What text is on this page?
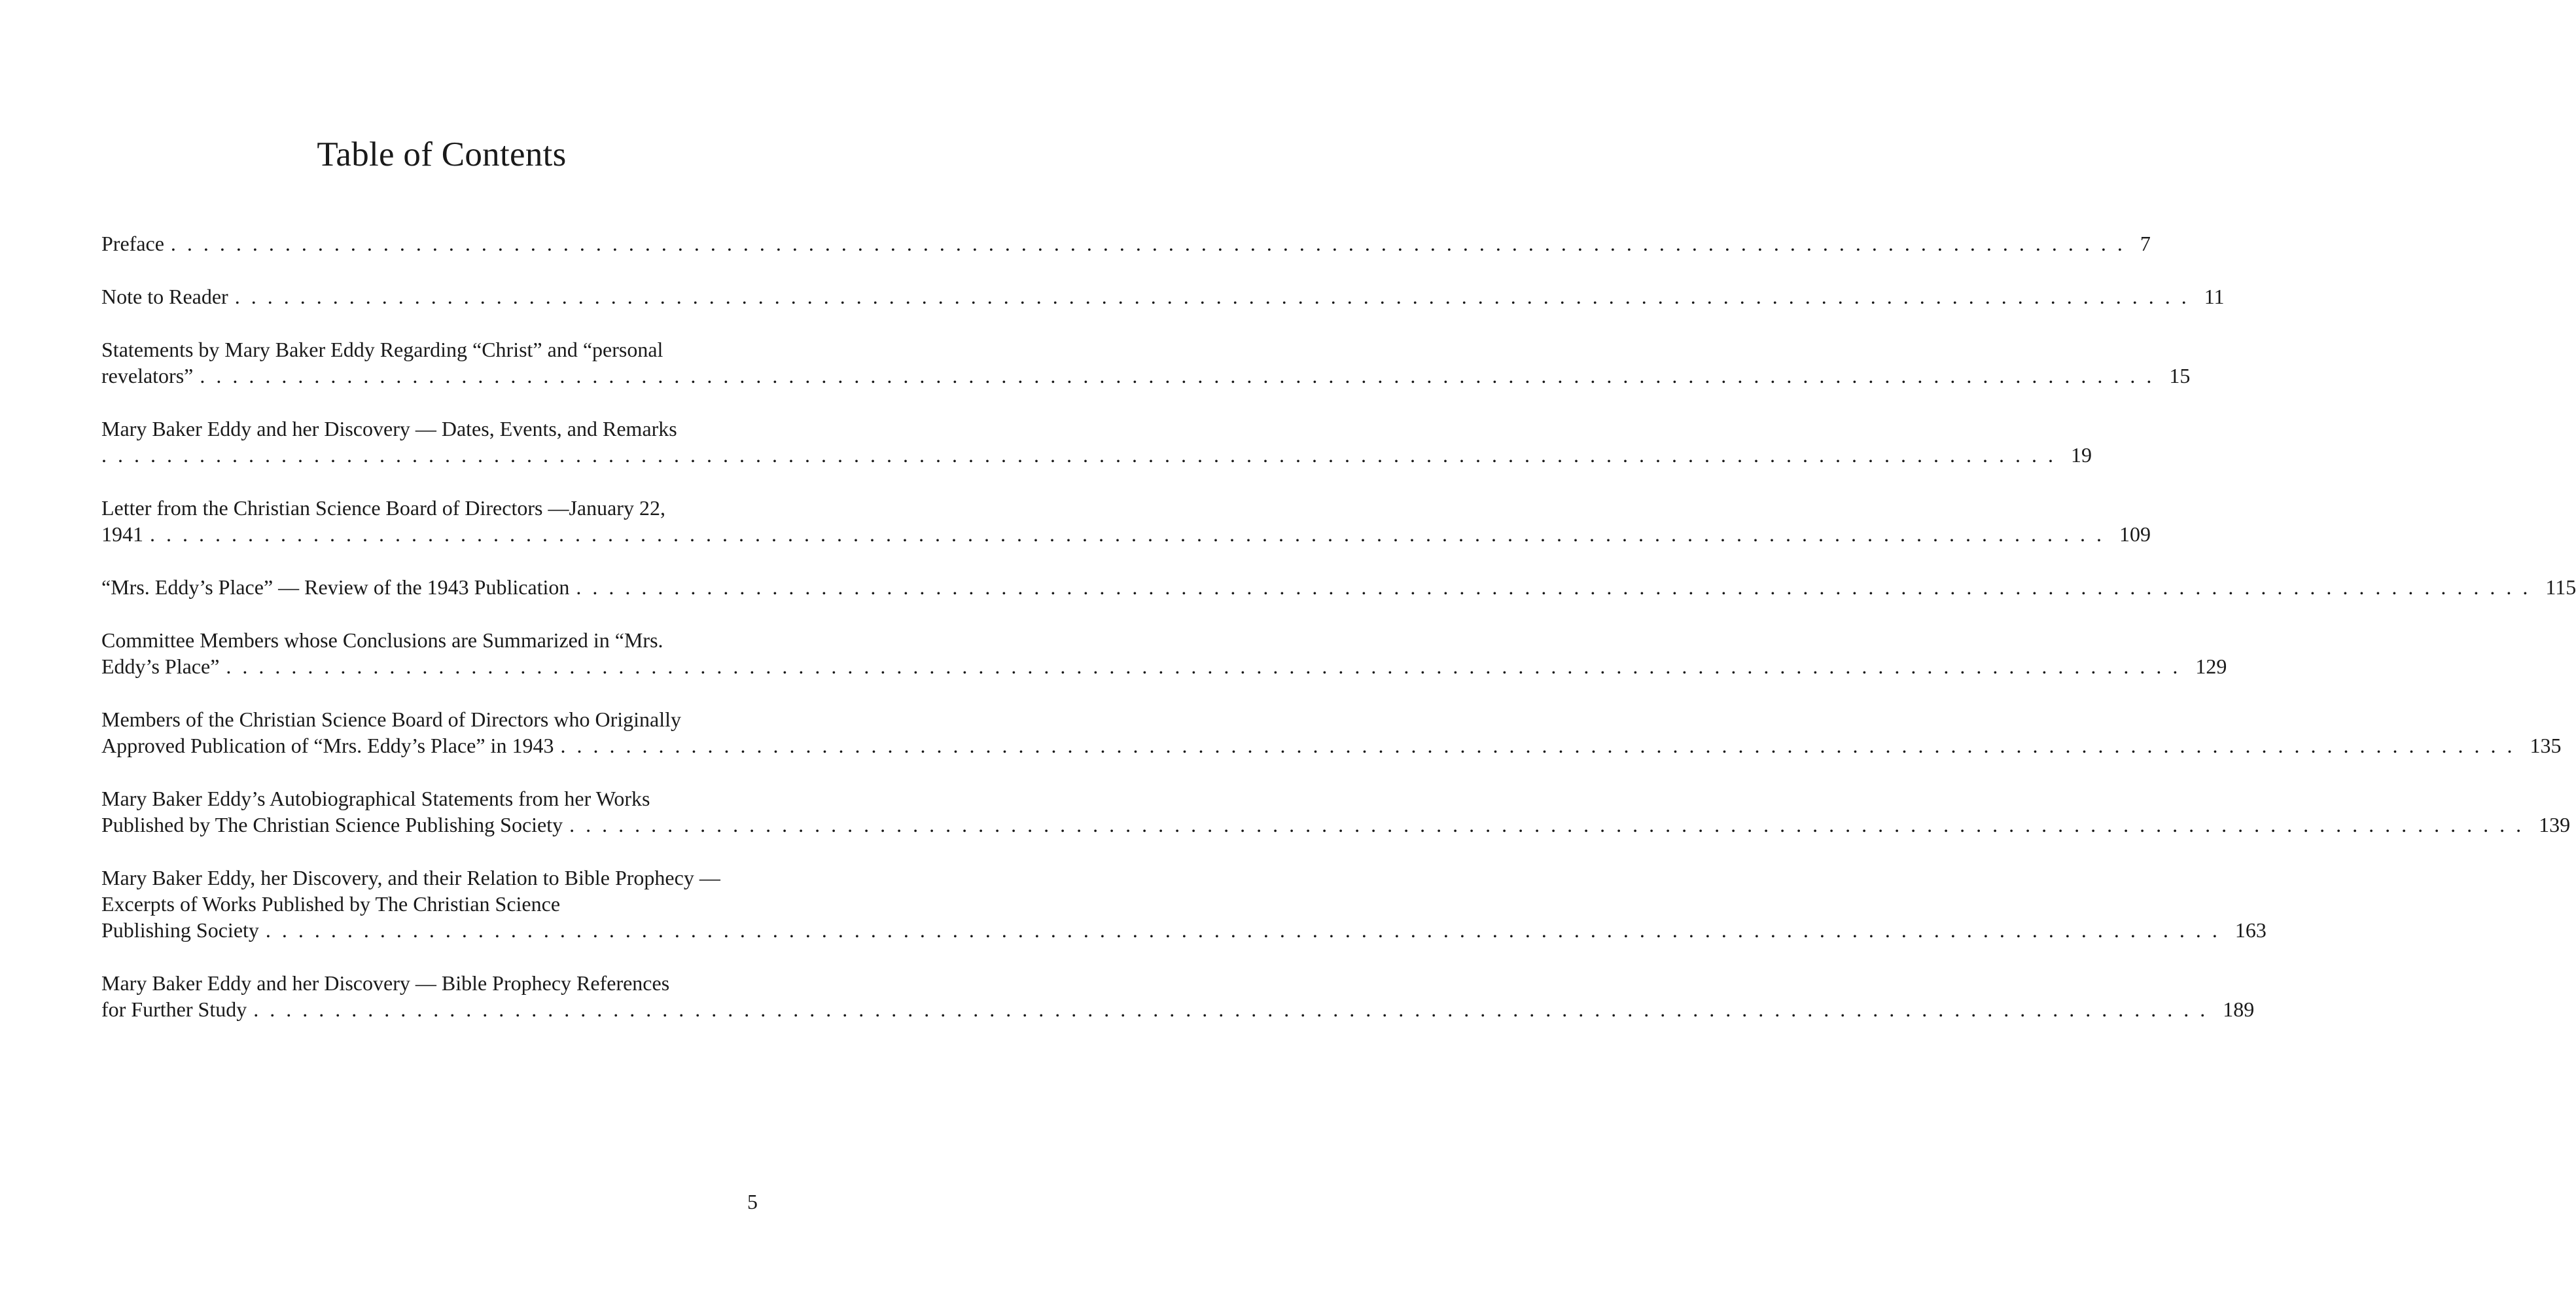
Table of Contents
Preface ........................................................................................................................ 7
Note to Reader ........................................................................................................................ 11
Statements by Mary Baker Eddy Regarding “Christ” and “personal
revelators” ........................................................................................................................ 15
Mary Baker Eddy and her Discovery — Dates, Events, and Remarks
........................................................................................................................ 19
Letter from the Christian Science Board of Directors —January 22,
1941 ........................................................................................................................ 109
“Mrs. Eddy’s Place” — Review of the 1943 Publication ........................................................................................................................ 115
Committee Members whose Conclusions are Summarized in “Mrs.
Eddy’s Place” ........................................................................................................................ 129
Members of the Christian Science Board of Directors who Originally
Approved Publication of “Mrs. Eddy’s Place” in 1943 ........................................................................................................................ 135
Mary Baker Eddy’s Autobiographical Statements from her Works
Published by The Christian Science Publishing Society ........................................................................................................................ 139
Mary Baker Eddy, her Discovery, and their Relation to Bible Prophecy — Excerpts of Works Published by The Christian Science
Publishing Society ........................................................................................................................ 163
Mary Baker Eddy and her Discovery — Bible Prophecy References
for Further Study ........................................................................................................................ 189
5
